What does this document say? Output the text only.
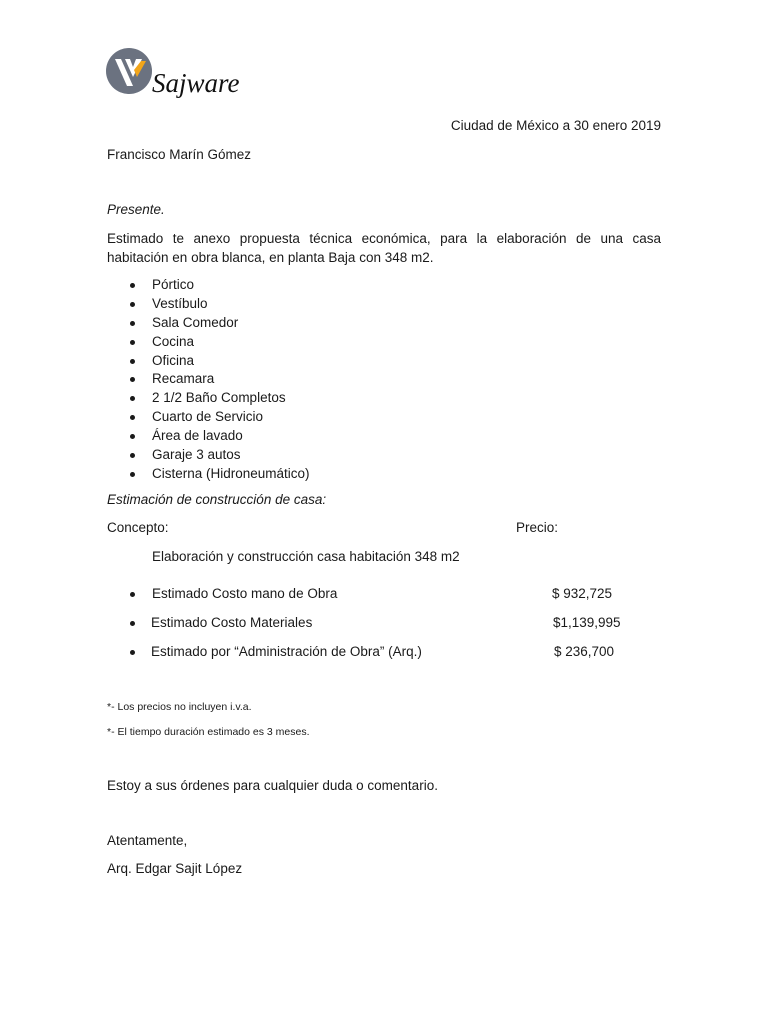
Sajware
Ciudad de México a 30 enero 2019
Francisco Marín Gómez
Presente.
Estimado te anexo propuesta técnica económica, para la elaboración de una casa habitación en obra blanca, en planta Baja con 348 m2.
Pórtico
Vestíbulo
Sala Comedor
Cocina
Oficina
Recamara
2 1/2 Baño Completos
Cuarto de Servicio
Área de lavado
Garaje 3 autos
Cisterna (Hidroneumático)
Estimación de construcción de casa:
Concepto:	Precio:
Elaboración y construcción casa habitación 348 m2
Estimado Costo mano de Obra	$ 932,725
Estimado Costo Materiales	$1,139,995
Estimado por “Administración de Obra” (Arq.)	$ 236,700
*- Los precios no incluyen i.v.a.
*- El tiempo duración estimado es 3 meses.
Estoy a sus órdenes para cualquier duda o comentario.
Atentamente,
Arq. Edgar Sajit López
